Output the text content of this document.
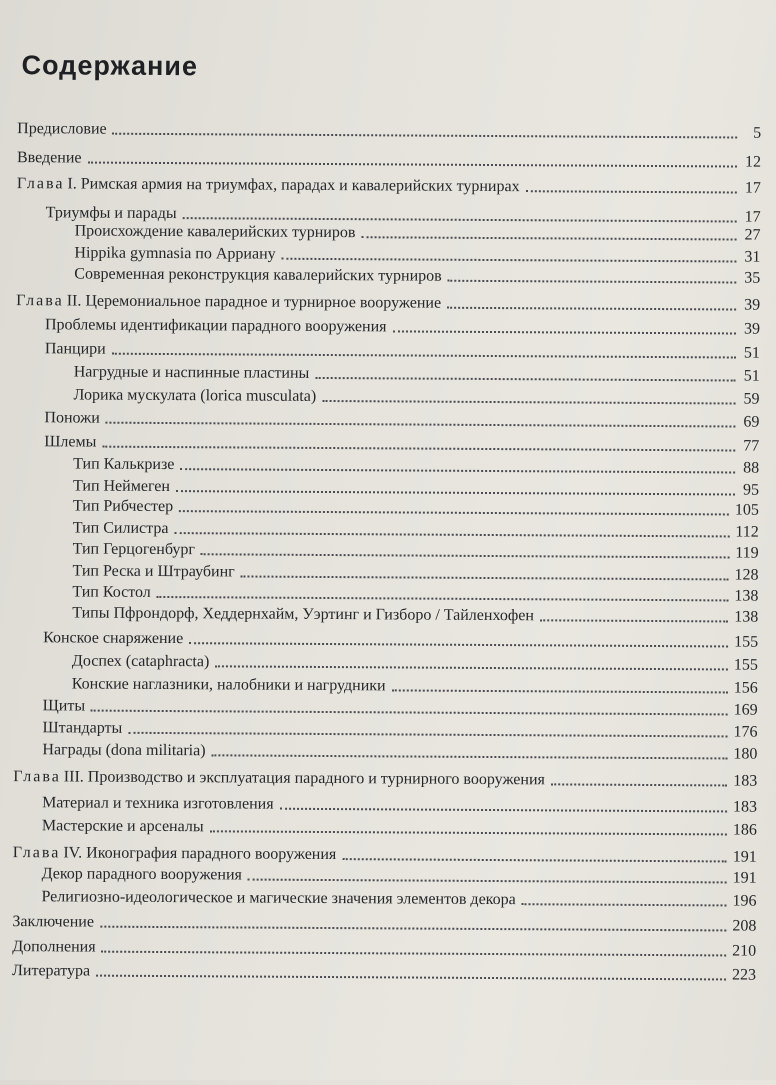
Содержание
Предисловие	5
Введение	12
Глава I. Римская армия на триумфах, парадах и кавалерийских турнирах	17
Триумфы и парады	17
Происхождение кавалерийских турниров	27
Hippika gymnasia по Арриану	31
Современная реконструкция кавалерийских турниров	35
Глава II. Церемониальное парадное и турнирное вооружение	39
Проблемы идентификации парадного вооружения	39
Панцири	51
Нагрудные и наспинные пластины	51
Лорика мускулата (lorica musculata)	59
Поножи	69
Шлемы	77
Тип Калькризе	88
Тип Неймеген	95
Тип Рибчестер	105
Тип Силистра	112
Тип Герцогенбург	119
Тип Реска и Штраубинг	128
Тип Костол	138
Типы Пфрондорф, Хеддернхайм, Уэртинг и Гизборо / Тайленхофен	138
Конское снаряжение	155
Доспех (cataphracta)	155
Конские наглазники, налобники и нагрудники	156
Щиты	169
Штандарты	176
Награды (dona militaria)	180
Глава III. Производство и эксплуатация парадного и турнирного вооружения	183
Материал и техника изготовления	183
Мастерские и арсеналы	186
Глава IV. Иконография парадного вооружения	191
Декор парадного вооружения	191
Религиозно-идеологическое и магические значения элементов декора	196
Заключение	208
Дополнения	210
Литература	223
